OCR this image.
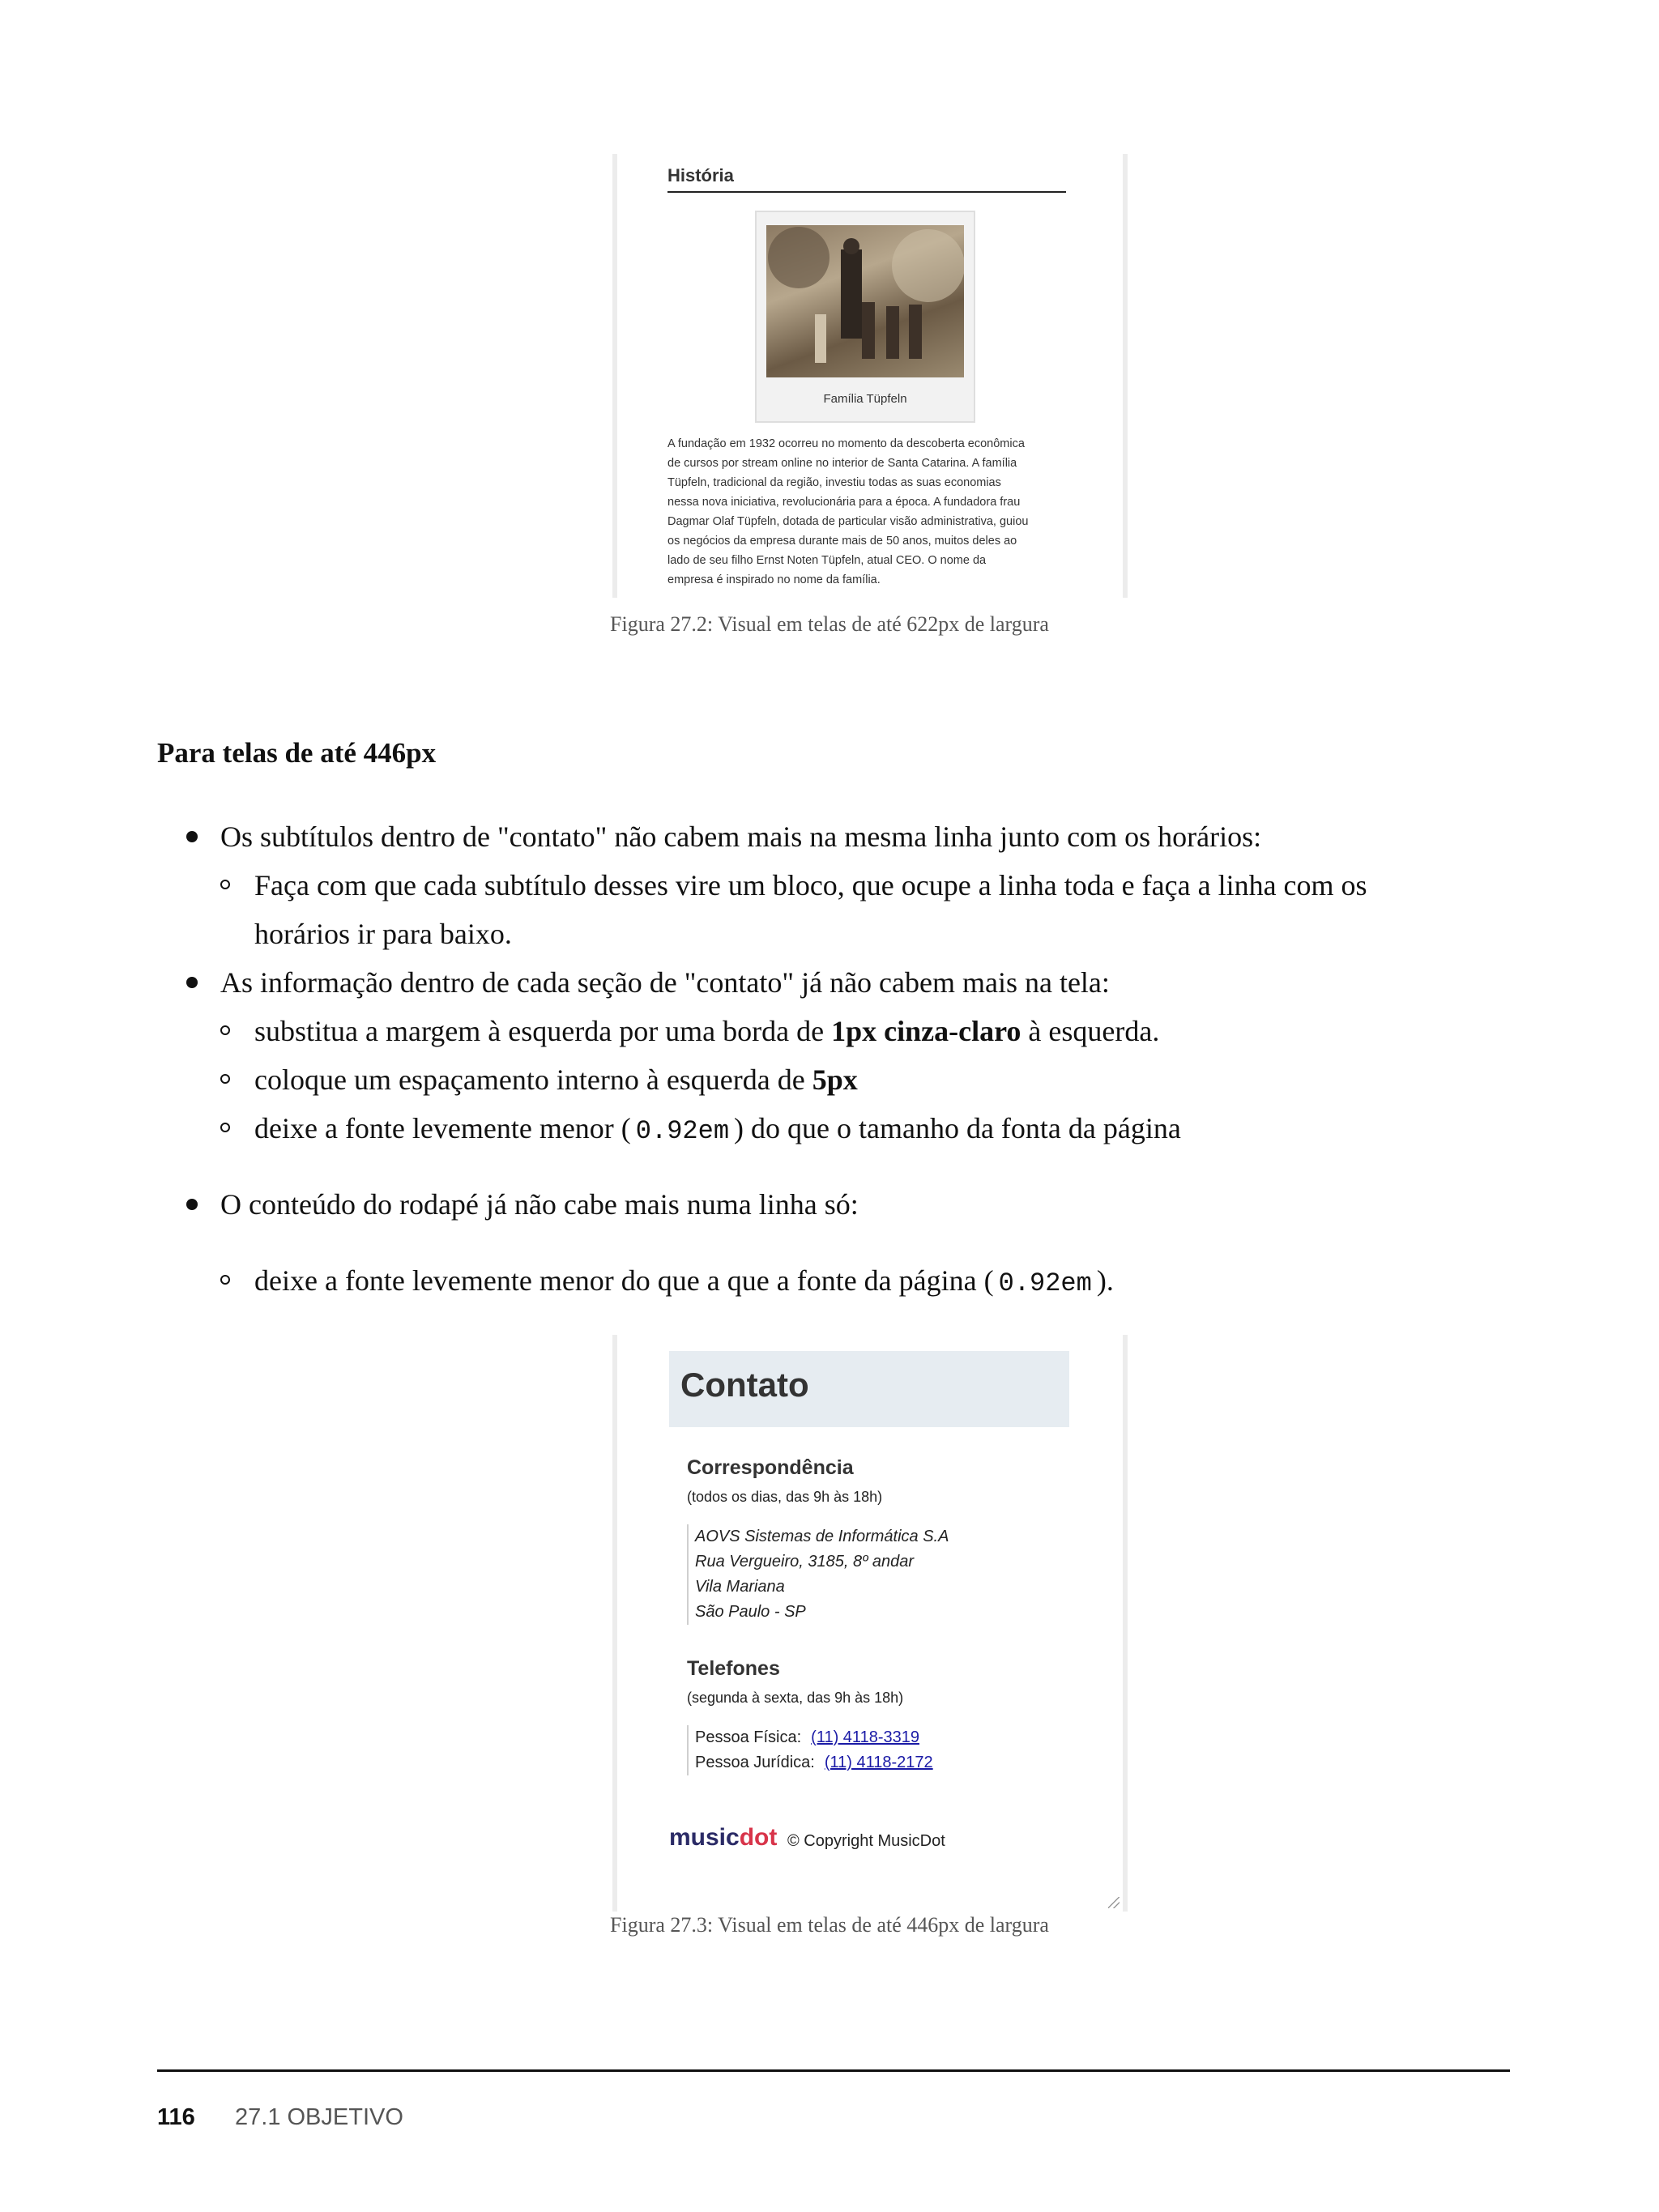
História
Família Tüpfeln
A fundação em 1932 ocorreu no momento da descoberta econômica
de cursos por stream online no interior de Santa Catarina. A família
Tüpfeln, tradicional da região, investiu todas as suas economias
nessa nova iniciativa, revolucionária para a época. A fundadora frau
Dagmar Olaf Tüpfeln, dotada de particular visão administrativa, guiou
os negócios da empresa durante mais de 50 anos, muitos deles ao
lado de seu filho Ernst Noten Tüpfeln, atual CEO. O nome da
empresa é inspirado no nome da família.
Figura 27.2: Visual em telas de até 622px de largura
Para telas de até 446px
Os subtítulos dentro de "contato" não cabem mais na mesma linha junto com os horários:
Faça com que cada subtítulo desses vire um bloco, que ocupe a linha toda e faça a linha com os
horários ir para baixo.
As informação dentro de cada seção de "contato" já não cabem mais na tela:
substitua a margem à esquerda por uma borda de 1px cinza-claro à esquerda.
coloque um espaçamento interno à esquerda de 5px
deixe a fonte levemente menor ( 0.92em ) do que o tamanho da fonta da página
O conteúdo do rodapé já não cabe mais numa linha só:
deixe a fonte levemente menor do que a que a fonte da página ( 0.92em ).
Contato
Correspondência
(todos os dias, das 9h às 18h)
AOVS Sistemas de Informática S.A
Rua Vergueiro, 3185, 8º andar
Vila Mariana
São Paulo - SP
Telefones
(segunda à sexta, das 9h às 18h)
Pessoa Física: (11) 4118-3319
Pessoa Jurídica: (11) 4118-2172
musicdot © Copyright MusicDot
Figura 27.3: Visual em telas de até 446px de largura
116 27.1 OBJETIVO
